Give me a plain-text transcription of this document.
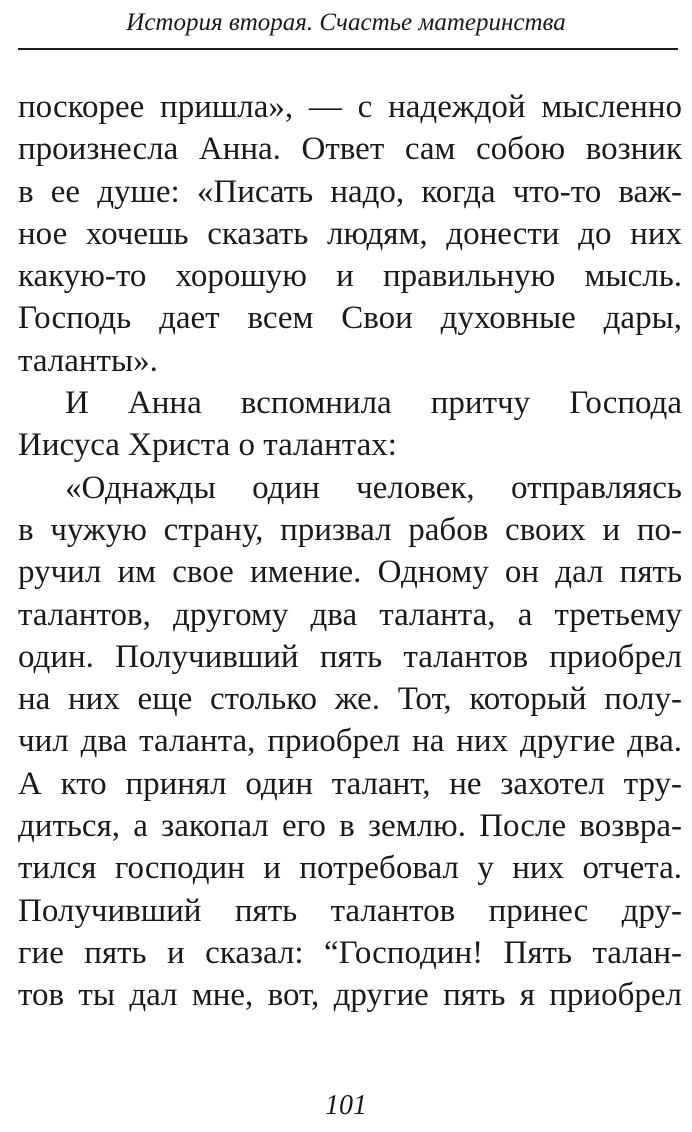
История вторая. Счастье материнства
поскорее пришла», — с надеждой мысленно
произнесла Анна. Ответ сам собою возник
в ее душе: «Писать надо, когда что-то важ-
ное хочешь сказать людям, донести до них
какую-то хорошую и правильную мысль.
Господь дает всем Свои духовные дары,
таланты».
И Анна вспомнила притчу Господа
Иисуса Христа о талантах:
«Однажды один человек, отправляясь
в чужую страну, призвал рабов своих и по-
ручил им свое имение. Одному он дал пять
талантов, другому два таланта, а третьему
один. Получивший пять талантов приобрел
на них еще столько же. Тот, который полу-
чил два таланта, приобрел на них другие два.
А кто принял один талант, не захотел тру-
диться, а закопал его в землю. После возвра-
тился господин и потребовал у них отчета.
Получивший пять талантов принес дру-
гие пять и сказал: “Господин! Пять талан-
тов ты дал мне, вот, другие пять я приобрел
101
